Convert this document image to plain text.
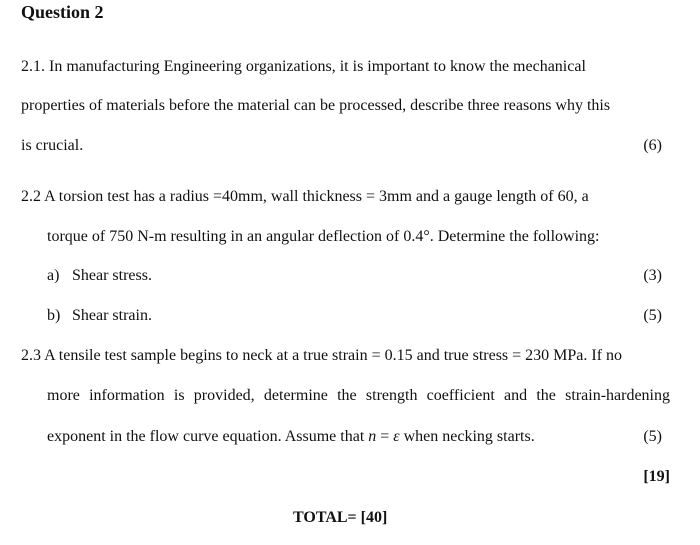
Question 2
2.1. In manufacturing Engineering organizations, it is important to know the mechanical
properties of materials before the material can be processed, describe three reasons why this
is crucial.	(6)
2.2 A torsion test has a radius =40mm, wall thickness = 3mm and a gauge length of 60, a
torque of 750 N-m resulting in an angular deflection of 0.4°. Determine the following:
a) Shear stress.	(3)
b) Shear strain.	(5)
2.3 A tensile test sample begins to neck at a true strain = 0.15 and true stress = 230 MPa. If no
more information is provided, determine the strength coefficient and the strain-hardening
exponent in the flow curve equation. Assume that n = ε when necking starts.	(5)
[19]
TOTAL= [40]
